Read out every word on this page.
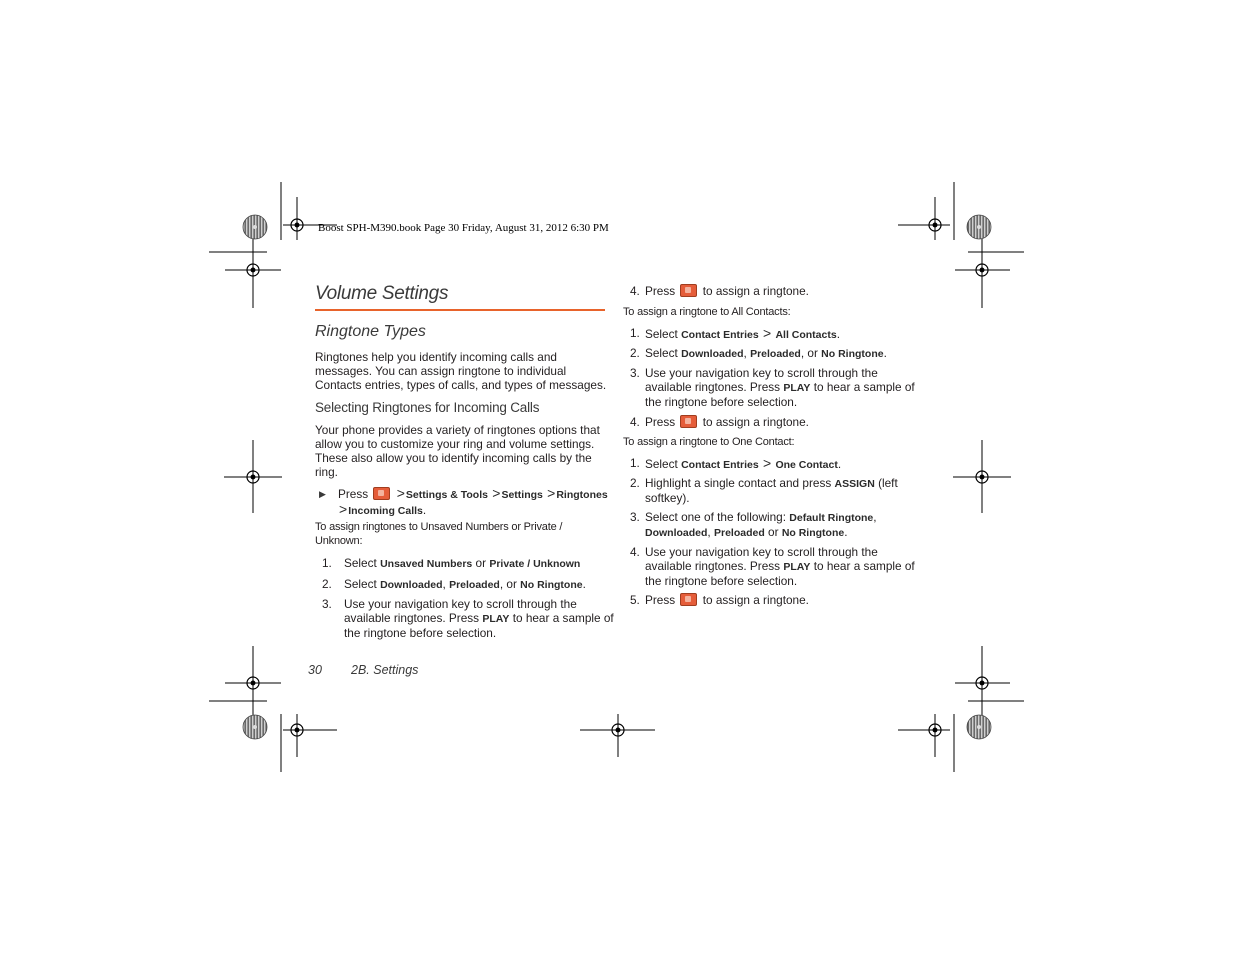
Boost SPH-M390.book Page 30 Friday, August 31, 2012 6:30 PM
Volume Settings
Ringtone Types
Ringtones help you identify incoming calls and
messages. You can assign ringtone to individual
Contacts entries, types of calls, and types of messages.
Selecting Ringtones for Incoming Calls
Your phone provides a variety of ringtones options that
allow you to customize your ring and volume settings.
These also allow you to identify incoming calls by the
ring.
▶ Press >Settings & Tools >Settings >Ringtones
>Incoming Calls.
To assign ringtones to Unsaved Numbers or Private /
Unknown:
1. Select Unsaved Numbers or Private / Unknown
2. Select Downloaded, Preloaded, or No Ringtone.
3. Use your navigation key to scroll through the
available ringtones. Press PLAY to hear a sample of
the ringtone before selection.
4. Press to assign a ringtone.
To assign a ringtone to All Contacts:
1. Select Contact Entries > All Contacts.
2. Select Downloaded, Preloaded, or No Ringtone.
3. Use your navigation key to scroll through the
available ringtones. Press PLAY to hear a sample of
the ringtone before selection.
4. Press to assign a ringtone.
To assign a ringtone to One Contact:
1. Select Contact Entries > One Contact.
2. Highlight a single contact and press ASSIGN (left
softkey).
3. Select one of the following: Default Ringtone,
Downloaded, Preloaded or No Ringtone.
4. Use your navigation key to scroll through the
available ringtones. Press PLAY to hear a sample of
the ringtone before selection.
5. Press to assign a ringtone.
30 2B. Settings
